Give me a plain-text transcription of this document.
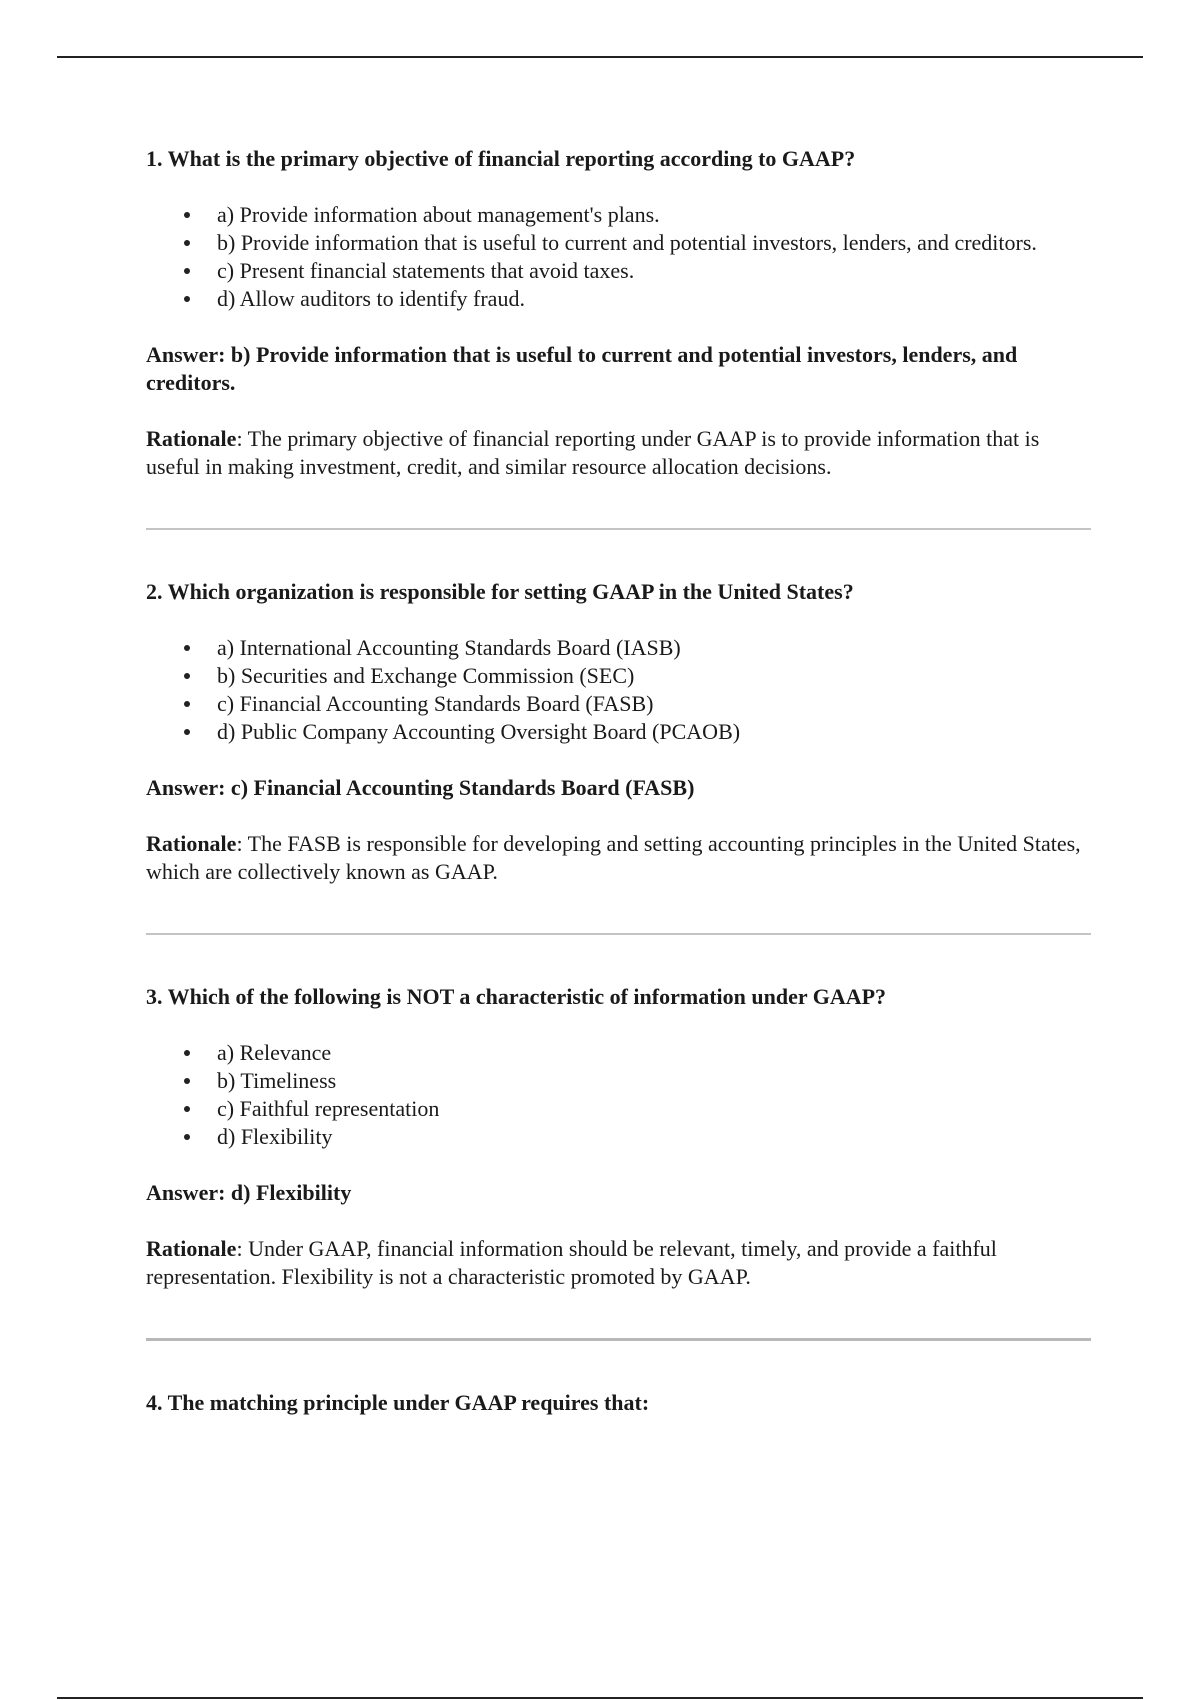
1. What is the primary objective of financial reporting according to GAAP?

a) Provide information about management's plans.
b) Provide information that is useful to current and potential investors, lenders, and creditors.
c) Present financial statements that avoid taxes.
d) Allow auditors to identify fraud.

Answer: b) Provide information that is useful to current and potential investors, lenders, and creditors.

Rationale: The primary objective of financial reporting under GAAP is to provide information that is useful in making investment, credit, and similar resource allocation decisions.

2. Which organization is responsible for setting GAAP in the United States?

a) International Accounting Standards Board (IASB)
b) Securities and Exchange Commission (SEC)
c) Financial Accounting Standards Board (FASB)
d) Public Company Accounting Oversight Board (PCAOB)

Answer: c) Financial Accounting Standards Board (FASB)

Rationale: The FASB is responsible for developing and setting accounting principles in the United States, which are collectively known as GAAP.

3. Which of the following is NOT a characteristic of information under GAAP?

a) Relevance
b) Timeliness
c) Faithful representation
d) Flexibility

Answer: d) Flexibility

Rationale: Under GAAP, financial information should be relevant, timely, and provide a faithful representation. Flexibility is not a characteristic promoted by GAAP.

4. The matching principle under GAAP requires that:
